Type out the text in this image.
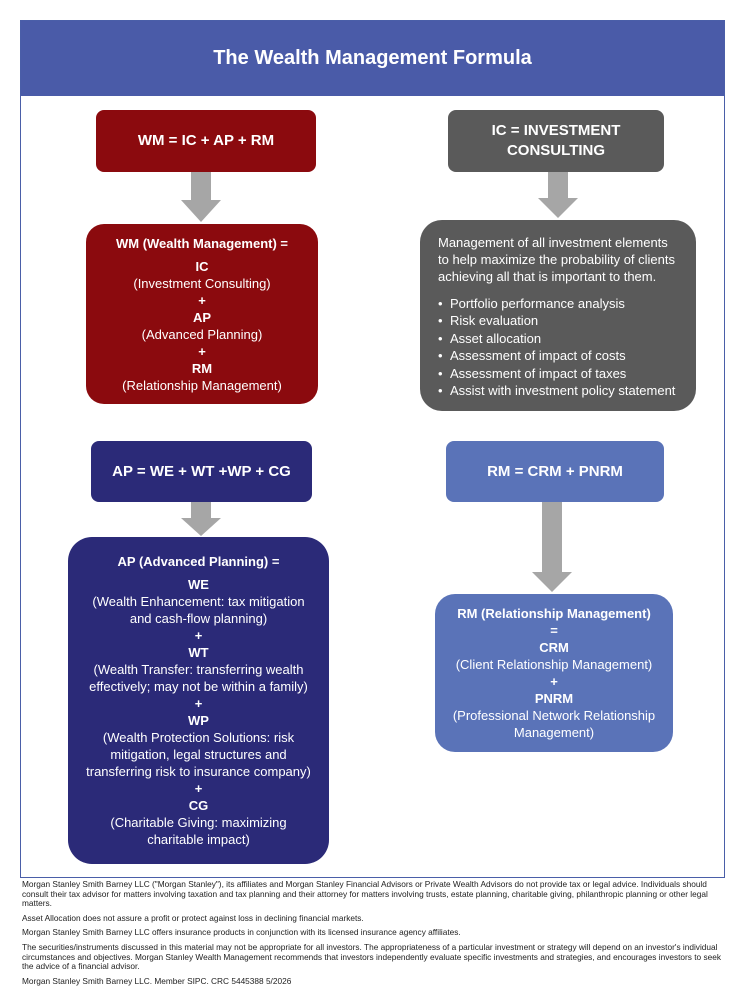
The Wealth Management Formula
WM = IC + AP + RM
WM (Wealth Management) =
IC
(Investment Consulting)
+
AP
(Advanced Planning)
+
RM
(Relationship Management)
IC = INVESTMENT
CONSULTING
Management of all investment elements to help maximize the probability of clients achieving all that is important to them.
• Portfolio performance analysis
• Risk evaluation
• Asset allocation
• Assessment of impact of costs
• Assessment of impact of taxes
• Assist with investment policy statement
AP = WE + WT +WP + CG
AP (Advanced Planning) =
WE
(Wealth Enhancement: tax mitigation
and cash-flow planning)
+
WT
(Wealth Transfer: transferring wealth
effectively; may not be within a family)
+
WP
(Wealth Protection Solutions: risk
mitigation, legal structures and
transferring risk to insurance company)
+
CG
(Charitable Giving: maximizing
charitable impact)
RM = CRM + PNRM
RM (Relationship Management)
=
CRM
(Client Relationship Management)
+
PNRM
(Professional Network Relationship
Management)

Morgan Stanley Smith Barney LLC ("Morgan Stanley"), its affiliates and Morgan Stanley Financial Advisors or Private Wealth Advisors do not provide tax or legal advice. Individuals should consult their tax advisor for matters involving taxation and tax planning and their attorney for matters involving trusts, estate planning, charitable giving, philanthropic planning or other legal matters.

Asset Allocation does not assure a profit or protect against loss in declining financial markets.

Morgan Stanley Smith Barney LLC offers insurance products in conjunction with its licensed insurance agency affiliates.

The securities/instruments discussed in this material may not be appropriate for all investors. The appropriateness of a particular investment or strategy will depend on an investor's individual circumstances and objectives. Morgan Stanley Wealth Management recommends that investors independently evaluate specific investments and strategies, and encourages investors to seek the advice of a financial advisor.

Morgan Stanley Smith Barney LLC. Member SIPC. CRC 5445388 5/2026
